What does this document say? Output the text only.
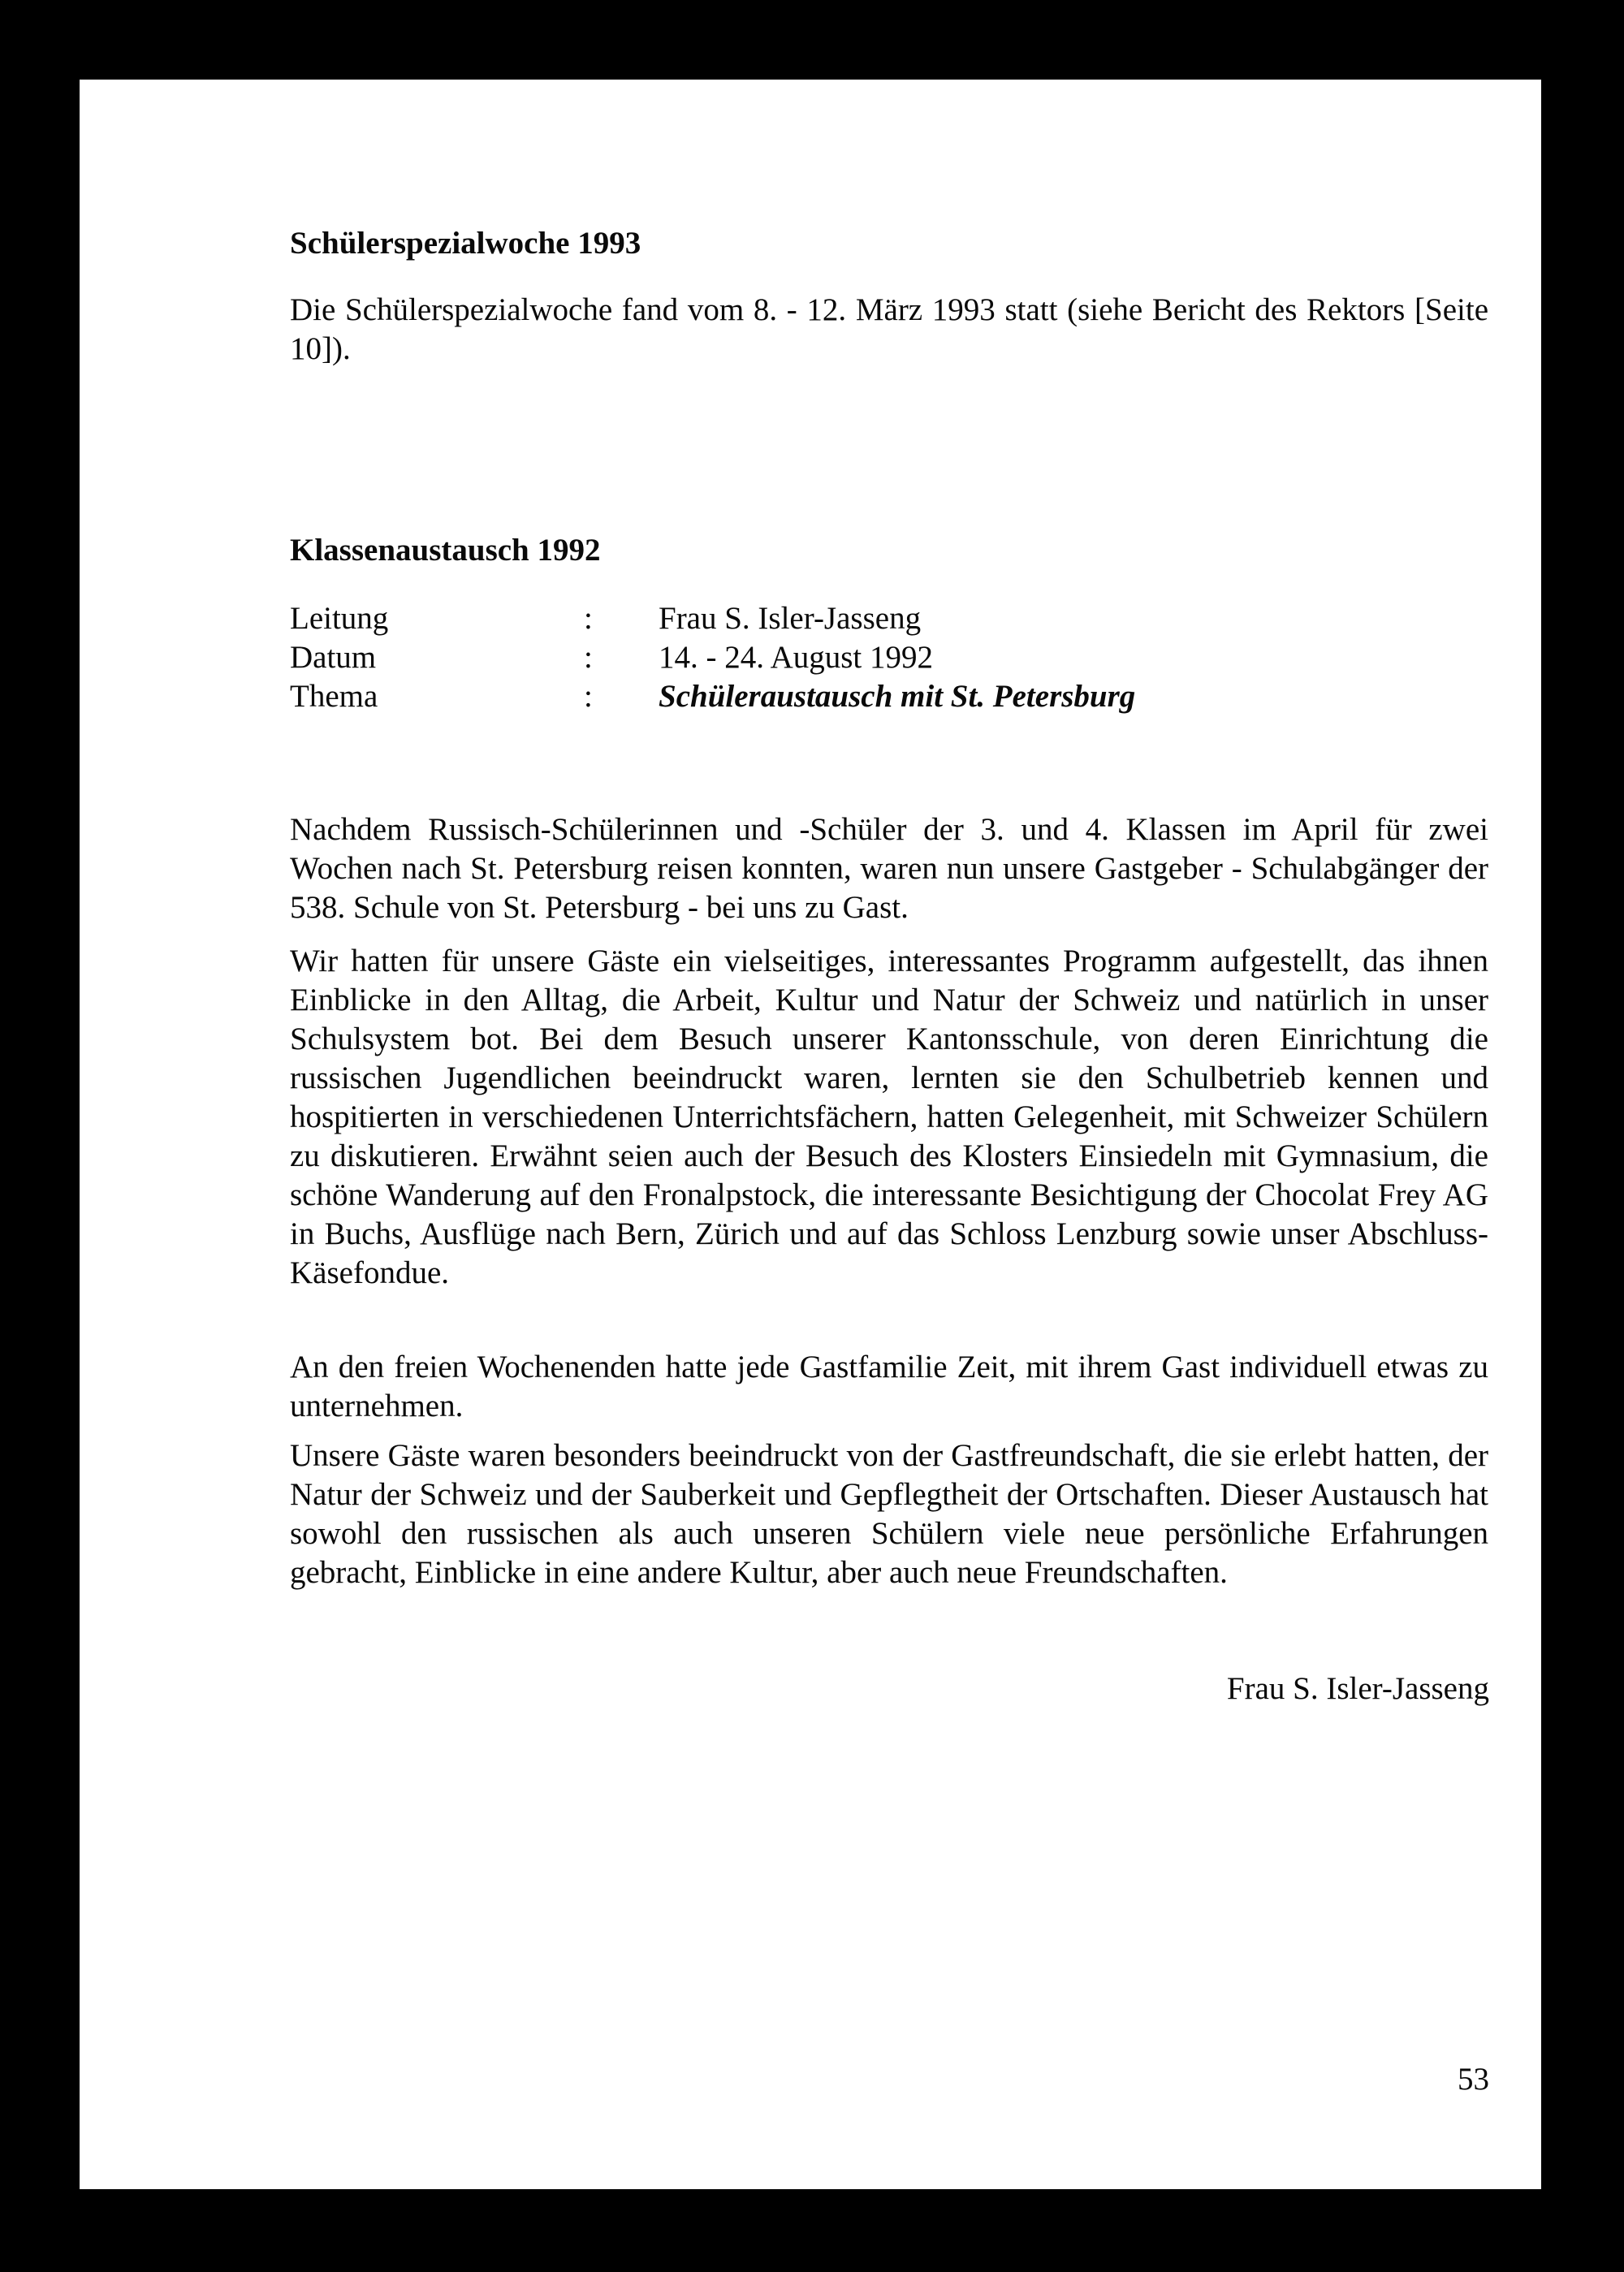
Schülerspezialwoche 1993

Die Schülerspezialwoche fand vom 8. - 12. März 1993 statt (siehe Bericht des Rektors [Seite 10]).

Klassenaustausch 1992
Leitung	: Frau S. Isler-Jasseng
Datum	: 14. - 24. August 1992
Thema	: Schüleraustausch mit St. Petersburg

Nachdem Russisch-Schülerinnen und -Schüler der 3. und 4. Klassen im April für zwei Wochen nach St. Petersburg reisen konnten, waren nun unsere Gastgeber - Schulabgänger der 538. Schule von St. Petersburg - bei uns zu Gast.

Wir hatten für unsere Gäste ein vielseitiges, interessantes Programm aufgestellt, das ihnen Einblicke in den Alltag, die Arbeit, Kultur und Natur der Schweiz und natürlich in unser Schulsystem bot. Bei dem Besuch unserer Kantonsschule, von deren Einrichtung die russischen Jugendlichen beeindruckt waren, lernten sie den Schulbetrieb kennen und hospitierten in verschiedenen Unterrichtsfächern, hatten Gelegenheit, mit Schweizer Schülern zu diskutieren. Erwähnt seien auch der Besuch des Klosters Einsiedeln mit Gymnasium, die schöne Wanderung auf den Fronalpstock, die interessante Besichtigung der Chocolat Frey AG in Buchs, Ausflüge nach Bern, Zürich und auf das Schloss Lenzburg sowie unser Abschluss-Käsefondue.

An den freien Wochenenden hatte jede Gastfamilie Zeit, mit ihrem Gast individuell etwas zu unternehmen.

Unsere Gäste waren besonders beeindruckt von der Gastfreundschaft, die sie erlebt hatten, der Natur der Schweiz und der Sauberkeit und Gepflegtheit der Ortschaften. Dieser Austausch hat sowohl den russischen als auch unseren Schülern viele neue persönliche Erfahrungen gebracht, Einblicke in eine andere Kultur, aber auch neue Freundschaften.

Frau S. Isler-Jasseng
53
